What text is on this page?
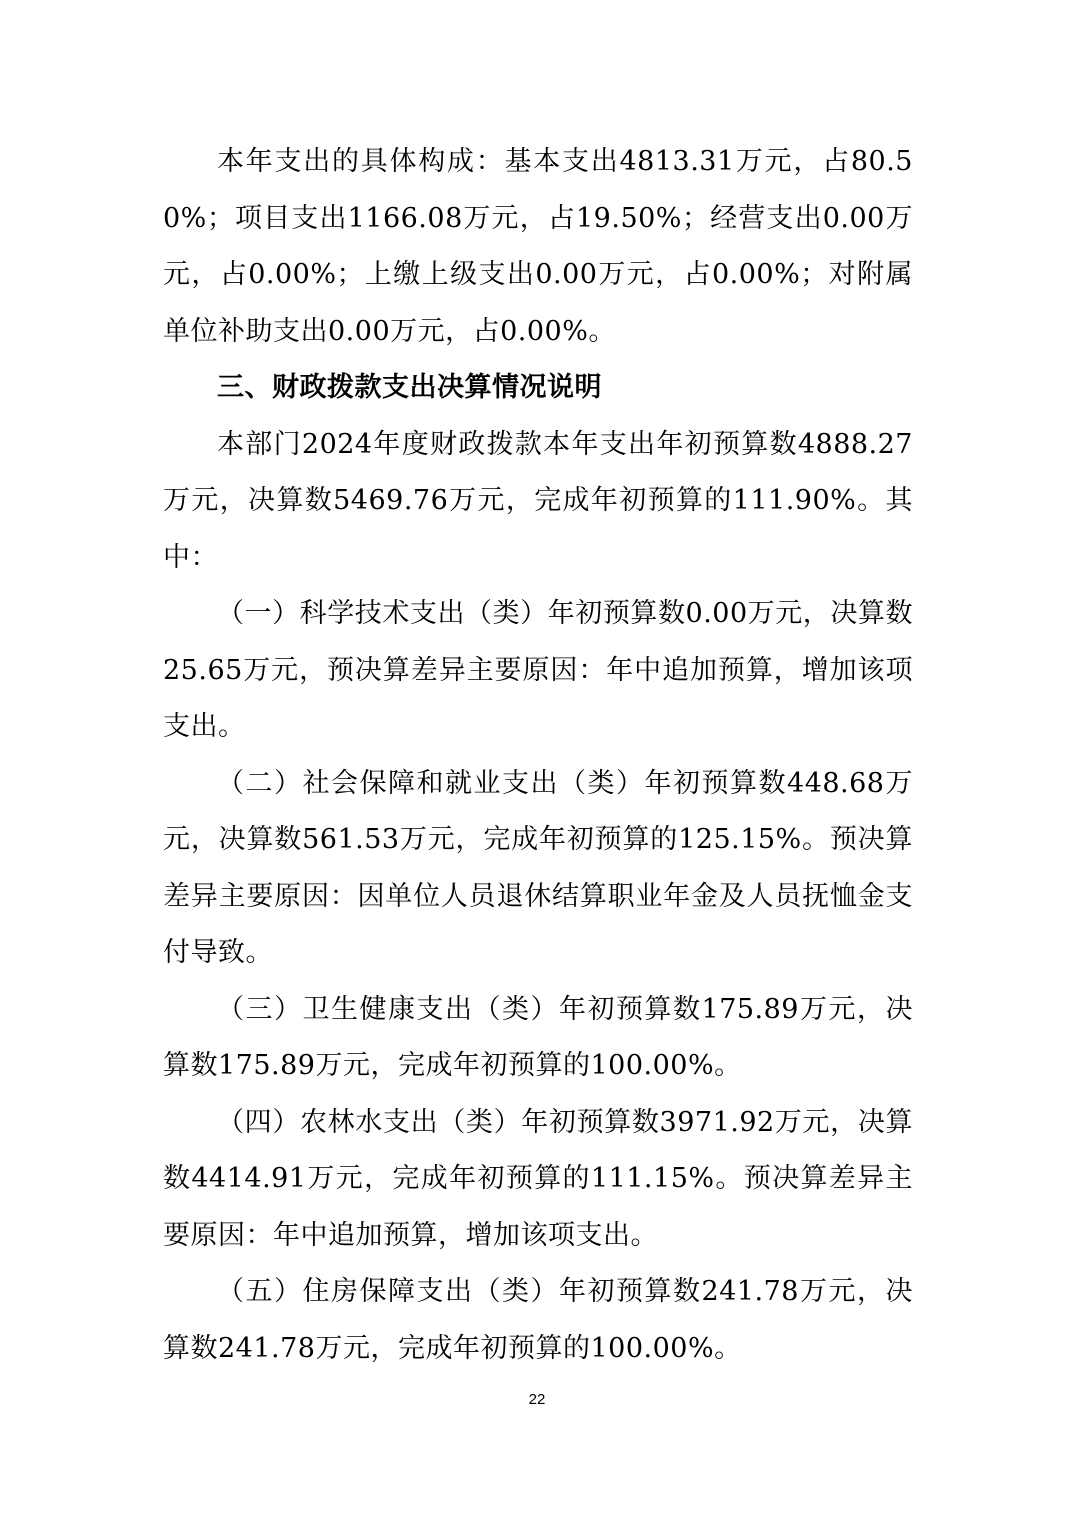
本年支出的具体构成：基本支出4813.31万元，占80.50%；项目支出1166.08万元，占19.50%；经营支出0.00万元，占0.00%；上缴上级支出0.00万元，占0.00%；对附属单位补助支出0.00万元，占0.00%。

三、财政拨款支出决算情况说明

本部门2024年度财政拨款本年支出年初预算数4888.27万元，决算数5469.76万元，完成年初预算的111.90%。其中：

（一）科学技术支出（类）年初预算数0.00万元，决算数25.65万元，预决算差异主要原因：年中追加预算，增加该项支出。

（二）社会保障和就业支出（类）年初预算数448.68万元，决算数561.53万元，完成年初预算的125.15%。预决算差异主要原因：因单位人员退休结算职业年金及人员抚恤金支付导致。

（三）卫生健康支出（类）年初预算数175.89万元，决算数175.89万元，完成年初预算的100.00%。

（四）农林水支出（类）年初预算数3971.92万元，决算数4414.91万元，完成年初预算的111.15%。预决算差异主要原因：年中追加预算，增加该项支出。

（五）住房保障支出（类）年初预算数241.78万元，决算数241.78万元，完成年初预算的100.00%。

22
